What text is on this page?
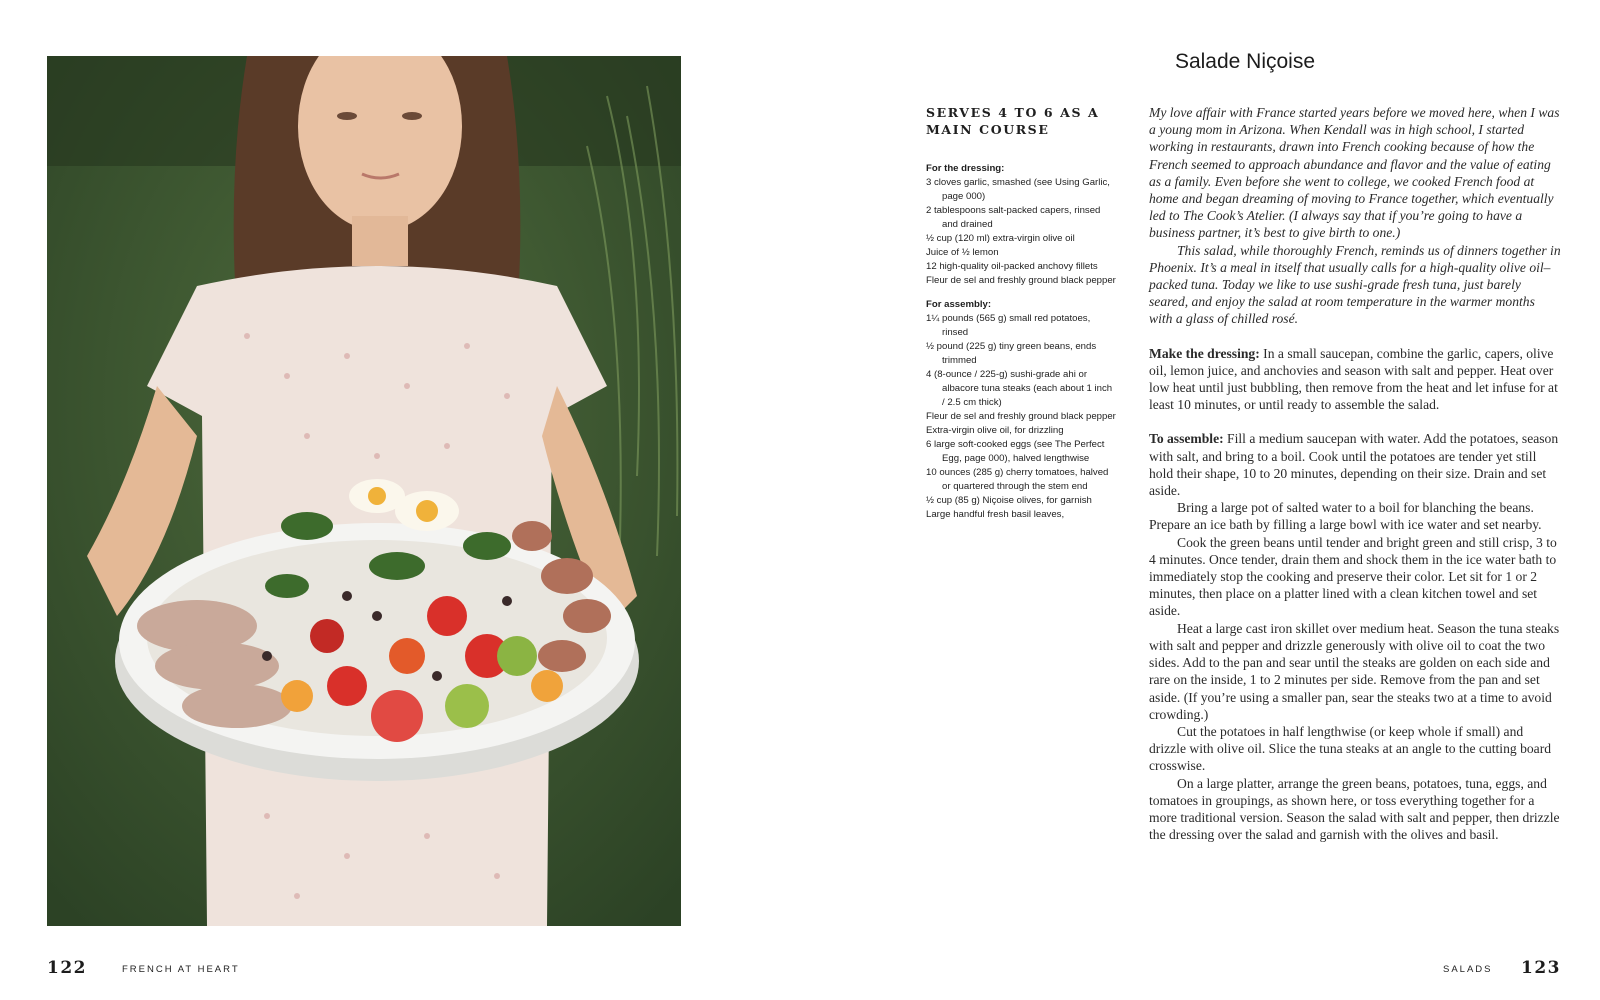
Salade Niçoise
SERVES 4 TO 6 AS A MAIN COURSE
For the dressing:
3 cloves garlic, smashed (see Using Garlic, page 000)
2 tablespoons salt-packed capers, rinsed and drained
½ cup (120 ml) extra-virgin olive oil
Juice of ½ lemon
12 high-quality oil-packed anchovy fillets
Fleur de sel and freshly ground black pepper
For assembly:
1¼ pounds (565 g) small red potatoes, rinsed
½ pound (225 g) tiny green beans, ends trimmed
4 (8-ounce / 225-g) sushi-grade ahi or albacore tuna steaks (each about 1 inch / 2.5 cm thick)
Fleur de sel and freshly ground black pepper
Extra-virgin olive oil, for drizzling
6 large soft-cooked eggs (see The Perfect Egg, page 000), halved lengthwise
10 ounces (285 g) cherry tomatoes, halved or quartered through the stem end
½ cup (85 g) Niçoise olives, for garnish
Large handful fresh basil leaves,

My love affair with France started years before we moved here, when I was a young mom in Arizona. When Kendall was in high school, I started working in restaurants, drawn into French cooking because of how the French seemed to approach abundance and flavor and the value of eating as a family. Even before she went to college, we cooked French food at home and began dreaming of moving to France together, which eventually led to The Cook’s Atelier. (I always say that if you’re going to have a business partner, it’s best to give birth to one.)

This salad, while thoroughly French, reminds us of dinners together in Phoenix. It’s a meal in itself that usually calls for a high-quality olive oil–packed tuna. Today we like to use sushi-grade fresh tuna, just barely seared, and enjoy the salad at room temperature in the warmer months with a glass of chilled rosé.

Make the dressing: In a small saucepan, combine the garlic, capers, olive oil, lemon juice, and anchovies and season with salt and pepper. Heat over low heat until just bubbling, then remove from the heat and let infuse for at least 10 minutes, or until ready to assemble the salad.

To assemble: Fill a medium saucepan with water. Add the potatoes, season with salt, and bring to a boil. Cook until the potatoes are tender yet still hold their shape, 10 to 20 minutes, depending on their size. Drain and set aside.

Bring a large pot of salted water to a boil for blanching the beans. Prepare an ice bath by filling a large bowl with ice water and set nearby.

Cook the green beans until tender and bright green and still crisp, 3 to 4 minutes. Once tender, drain them and shock them in the ice water bath to immediately stop the cooking and preserve their color. Let sit for 1 or 2 minutes, then place on a platter lined with a clean kitchen towel and set aside.

Heat a large cast iron skillet over medium heat. Season the tuna steaks with salt and pepper and drizzle generously with olive oil to coat the two sides. Add to the pan and sear until the steaks are golden on each side and rare on the inside, 1 to 2 minutes per side. Remove from the pan and set aside. (If you’re using a smaller pan, sear the steaks two at a time to avoid crowding.)

Cut the potatoes in half lengthwise (or keep whole if small) and drizzle with olive oil. Slice the tuna steaks at an angle to the cutting board crosswise.

On a large platter, arrange the green beans, potatoes, tuna, eggs, and tomatoes in groupings, as shown here, or toss everything together for a more traditional version. Season the salad with salt and pepper, then drizzle the dressing over the salad and garnish with the olives and basil.

122	FRENCH AT HEART	SALADS 123
